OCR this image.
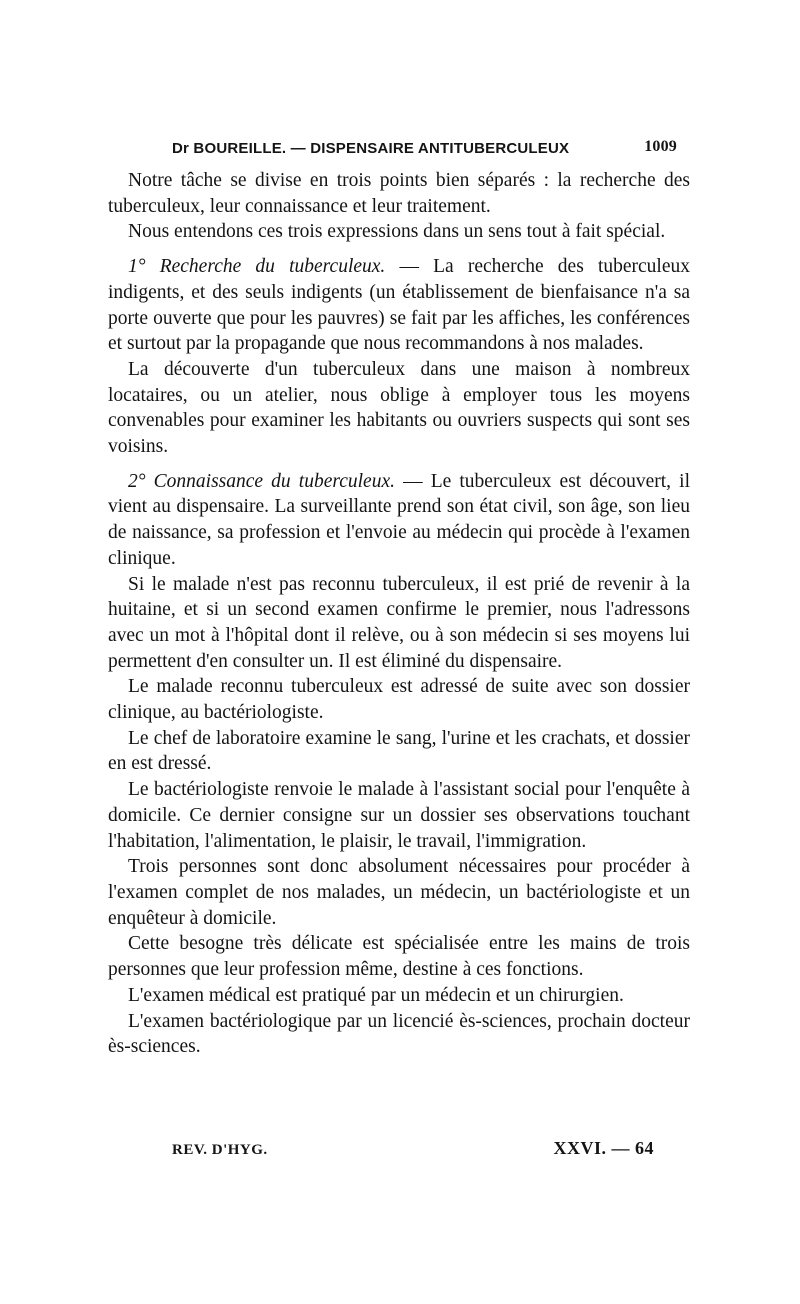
Dr BOUREILLE. — DISPENSAIRE ANTITUBERCULEUX	1009

Notre tâche se divise en trois points bien séparés : la recherche des tuberculeux, leur connaissance et leur traitement.

Nous entendons ces trois expressions dans un sens tout à fait spécial.

1° Recherche du tuberculeux. — La recherche des tuberculeux indigents, et des seuls indigents (un établissement de bienfaisance n'a sa porte ouverte que pour les pauvres) se fait par les affiches, les conférences et surtout par la propagande que nous recommandons à nos malades.

La découverte d'un tuberculeux dans une maison à nombreux locataires, ou un atelier, nous oblige à employer tous les moyens convenables pour examiner les habitants ou ouvriers suspects qui sont ses voisins.

2° Connaissance du tuberculeux. — Le tuberculeux est découvert, il vient au dispensaire. La surveillante prend son état civil, son âge, son lieu de naissance, sa profession et l'envoie au médecin qui procède à l'examen clinique.

Si le malade n'est pas reconnu tuberculeux, il est prié de revenir à la huitaine, et si un second examen confirme le premier, nous l'adressons avec un mot à l'hôpital dont il relève, ou à son médecin si ses moyens lui permettent d'en consulter un. Il est éliminé du dispensaire.

Le malade reconnu tuberculeux est adressé de suite avec son dossier clinique, au bactériologiste.

Le chef de laboratoire examine le sang, l'urine et les crachats, et dossier en est dressé.

Le bactériologiste renvoie le malade à l'assistant social pour l'enquête à domicile. Ce dernier consigne sur un dossier ses observations touchant l'habitation, l'alimentation, le plaisir, le travail, l'immigration.

Trois personnes sont donc absolument nécessaires pour procéder à l'examen complet de nos malades, un médecin, un bactériologiste et un enquêteur à domicile.

Cette besogne très délicate est spécialisée entre les mains de trois personnes que leur profession même, destine à ces fonctions.

L'examen médical est pratiqué par un médecin et un chirurgien.

L'examen bactériologique par un licencié ès-sciences, prochain docteur ès-sciences.

REV. D'HYG.	XXVI. — 64
